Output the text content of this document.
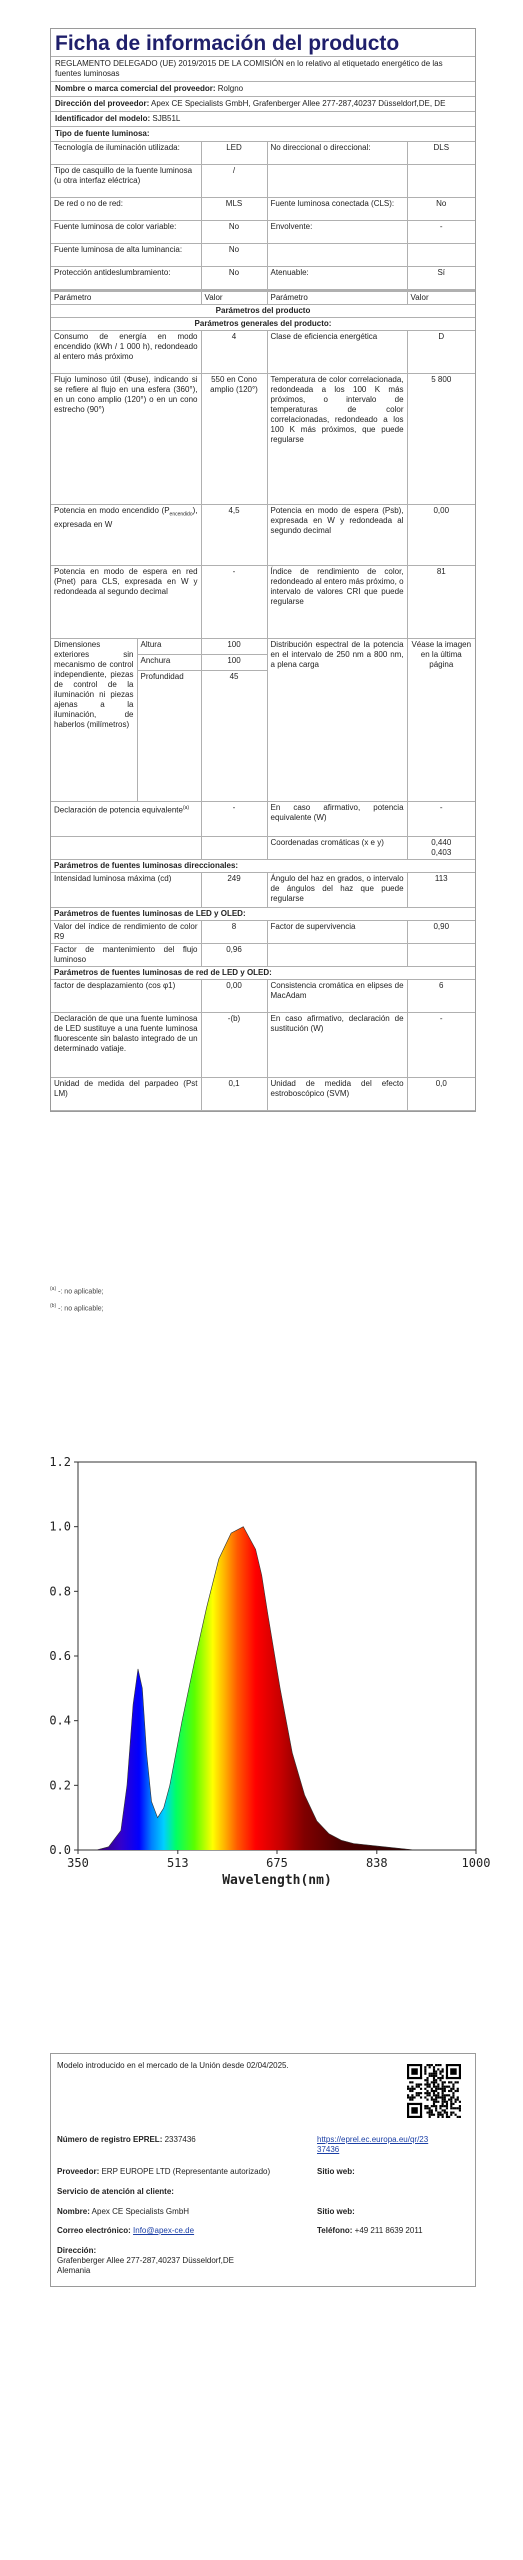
Ficha de información del producto
REGLAMENTO DELEGADO (UE) 2019/2015 DE LA COMISIÓN en lo relativo al etiquetado energético de las fuentes luminosas
Nombre o marca comercial del proveedor: Rolgno
Dirección del proveedor: Apex CE Specialists GmbH, Grafenberger Allee 277-287,40237 Düsseldorf,DE, DE
Identificador del modelo: SJB51L
Tipo de fuente luminosa:
Tecnología de iluminación utilizada:	LED	No direccional o direccional:	DLS
Tipo de casquillo de la fuente luminosa (u otra interfaz eléctrica)	/		
De red o no de red:	MLS	Fuente luminosa conectada (CLS):	No
Fuente luminosa de color variable:	No	Envolvente:	-
Fuente luminosa de alta luminancia:	No		
Protección antideslumbramiento:	No	Atenuable:	Sí
Parámetro		Valor	Parámetro	Valor
Parámetros del producto				
Parámetros generales del producto:				
Consumo de energía en modo encendido (kWh / 1 000 h), redondeado al entero más próximo		4	Clase de eficiencia energética	D
Flujo luminoso útil (Φuse), indicando si se refiere al flujo en una esfera (360°), en un cono amplio (120°) o en un cono estrecho (90°)		550 en Cono amplio (120°)	Temperatura de color correlacionada, redondeada a los 100 K más próximos, o intervalo de temperaturas de color correlacionadas, redondeado a los 100 K más próximos, que puede regularse	5 800
Potencia en modo encendido $(P_{encendido})$, expresada en W		4,5	Potencia en modo de espera (Psb), expresada en W y redondeada al segundo decimal	0,00
Potencia en modo de espera en red (Pnet) para CLS, expresada en W y redondeada al segundo decimal		-	Índice de rendimiento de color, redondeado al entero más próximo, o intervalo de valores CRI que puede regularse	81
Dimensiones exteriores sin mecanismo de control independiente, piezas de control de la iluminación ni piezas ajenas a la iluminación, de haberlos (milímetros)	Altura	100	Distribución espectral de la potencia en el intervalo de 250 nm a 800 nm, a plena carga	Véase la imagen en la última página
	Anchura	100		
	Profundidad	45		
Declaración de potencia equivalente$^{(a)}$		-	En caso afirmativo, potencia equivalente (W)	-
			Coordenadas cromáticas (x e y)	0,440
0,403
Parámetros de fuentes luminosas direccionales:				
Intensidad luminosa máxima (cd)		249	Ángulo del haz en grados, o intervalo de ángulos del haz que puede regularse	113
Parámetros de fuentes luminosas de LED y OLED:				
Valor del índice de rendimiento de color R9		8	Factor de supervivencia	0,90
Factor de mantenimiento del flujo luminoso		0,96		
Parámetros de fuentes luminosas de red de LED y OLED:				
factor de desplazamiento (cos φ1)		0,00	Consistencia cromática en elipses de MacAdam	6
Declaración de que una fuente luminosa de LED sustituye a una fuente luminosa fluorescente sin balasto integrado de un determinado vatiaje.		-(b)	En caso afirmativo, declaración de sustitución (W)	-
Unidad de medida del parpadeo (Pst LM)		0,1	Unidad de medida del efecto estroboscópico (SVM)	0,0
$^{(a)}$ -: no aplicable;
$^{(b)}$ -: no aplicable;
0.0
0.2
0.4
0.6
0.8
1.0
1.2
350	513	675	838	1000
Wavelength(nm)
Modelo introducido en el mercado de la Unión desde 02/04/2025.
Número de registro EPREL: 2337436	https://eprel.ec.europa.eu/qr/23
37436
Proveedor: ERP EUROPE LTD (Representante autorizado)	Sitio web:
Servicio de atención al cliente:
Nombre: Apex CE Specialists GmbH	Sitio web:
Correo electrónico: Info@apex-ce.de	Teléfono: +49 211 8639 2011
Dirección:
Grafenberger Allee 277-287,40237 Düsseldorf,DE
Alemania
